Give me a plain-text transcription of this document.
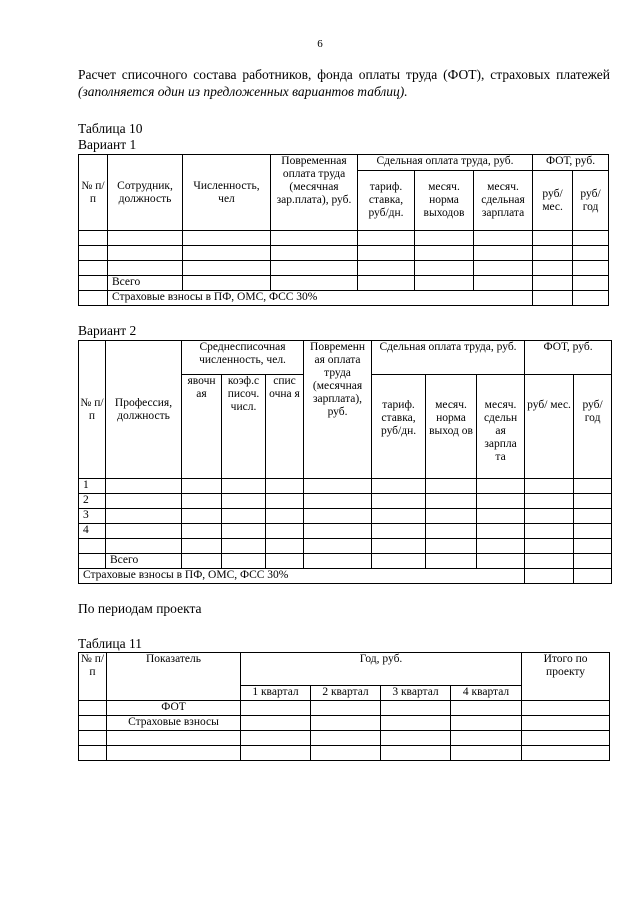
6
Расчет списочного состава работников, фонда оплаты труда (ФОТ), страховых платежей (заполняется один из предложенных вариантов таблиц).
Таблица 10
Вариант 1
№ п/п	Сотрудник, должность	Численность, чел	Повременная оплата труда (месячная зар.плата), руб.	Сдельная оплата труда, руб.			ФОТ, руб.	
				тариф. ставка, руб/дн.	месяч. норма выходов	месяч. сдельная зарплата	руб/ мес.	руб/ год

	Всего							
	Страховые взносы в ПФ, ОМС, ФСС 30%							
Вариант 2
№ п/ п	Профессия, должность	Среднесписочная численность, чел.			Повременн ая оплата труда (месячная зарплата), руб.	Сдельная оплата труда, руб.			ФОТ, руб.	
		явочн ая	коэф.с писоч. числ.	спис очна я		тариф. ставка, руб/дн.	месяч. норма выход ов	месяч. сдельн ая зарпла та	руб/ мес.	руб/ год
1										
2										
3										
4										

	Всего									
Страховые взносы в ПФ, ОМС, ФСС 30%										
По периодам проекта
Таблица 11
№ п/п	Показатель	Год, руб.				Итого по проекту
		1 квартал	2 квартал	3 квартал	4 квартал	
	ФОТ					
	Страховые взносы					
